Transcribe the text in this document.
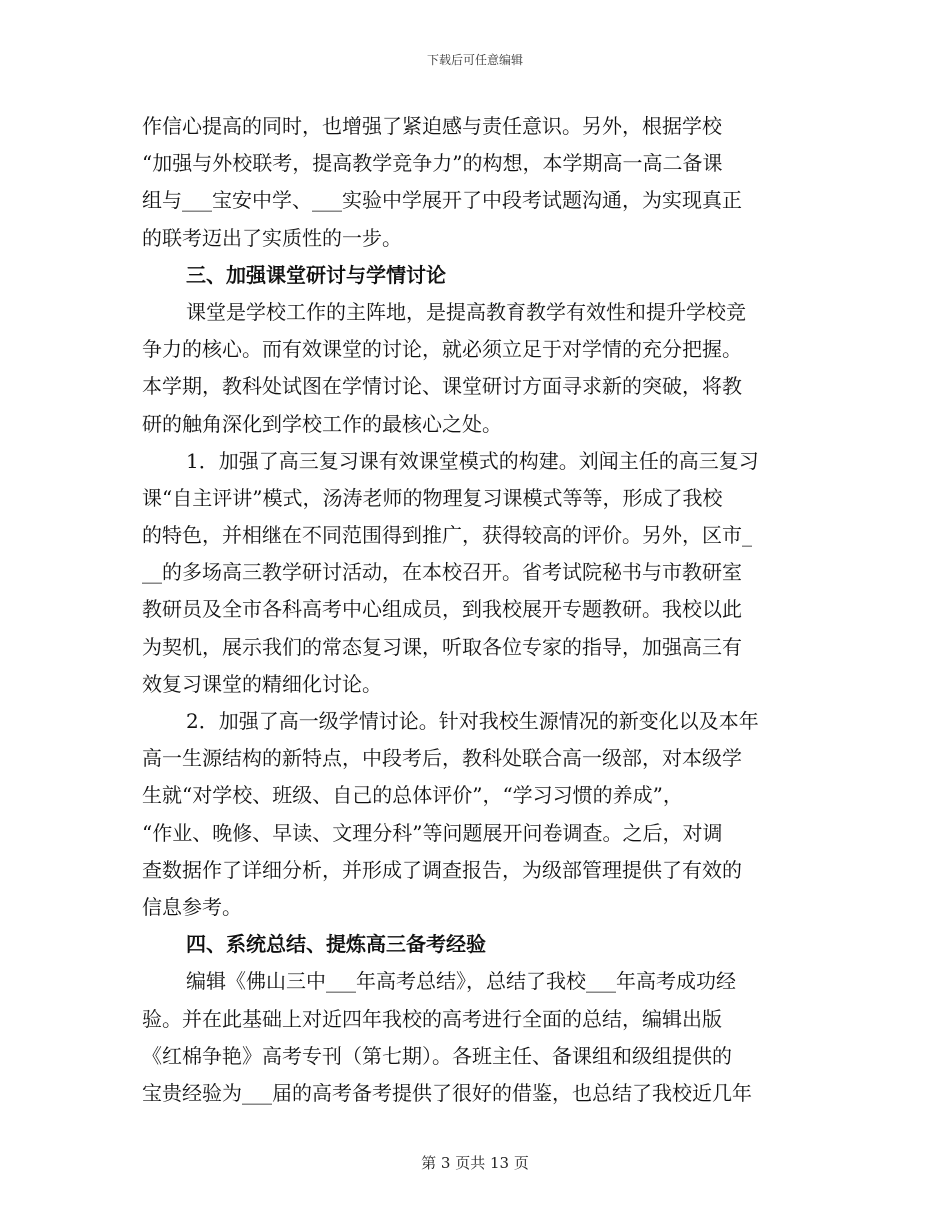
下载后可任意编辑
作信心提高的同时，也增强了紧迫感与责任意识。另外，根据学校
“加强与外校联考，提高教学竞争力”的构想，本学期高一高二备课
组与___宝安中学、___实验中学展开了中段考试题沟通，为实现真正
的联考迈出了实质性的一步。
三、加强课堂研讨与学情讨论
课堂是学校工作的主阵地，是提高教育教学有效性和提升学校竞
争力的核心。而有效课堂的讨论，就必须立足于对学情的充分把握。
本学期，教科处试图在学情讨论、课堂研讨方面寻求新的突破，将教
研的触角深化到学校工作的最核心之处。
1．加强了高三复习课有效课堂模式的构建。刘闻主任的高三复习
课“自主评讲”模式，汤涛老师的物理复习课模式等等，形成了我校
的特色，并相继在不同范围得到推广，获得较高的评价。另外，区市_
__的多场高三教学研讨活动，在本校召开。省考试院秘书与市教研室
教研员及全市各科高考中心组成员，到我校展开专题教研。我校以此
为契机，展示我们的常态复习课，听取各位专家的指导，加强高三有
效复习课堂的精细化讨论。
2．加强了高一级学情讨论。针对我校生源情况的新变化以及本年
高一生源结构的新特点，中段考后，教科处联合高一级部，对本级学
生就“对学校、班级、自己的总体评价”，“学习习惯的养成”，
“作业、晚修、早读、文理分科”等问题展开问卷调查。之后，对调
查数据作了详细分析，并形成了调查报告，为级部管理提供了有效的
信息参考。
四、系统总结、提炼高三备考经验
编辑《佛山三中___年高考总结》，总结了我校___年高考成功经
验。并在此基础上对近四年我校的高考进行全面的总结，编辑出版
《红棉争艳》高考专刊（第七期）。各班主任、备课组和级组提供的
宝贵经验为___届的高考备考提供了很好的借鉴，也总结了我校近几年
第 3 页共 13 页
